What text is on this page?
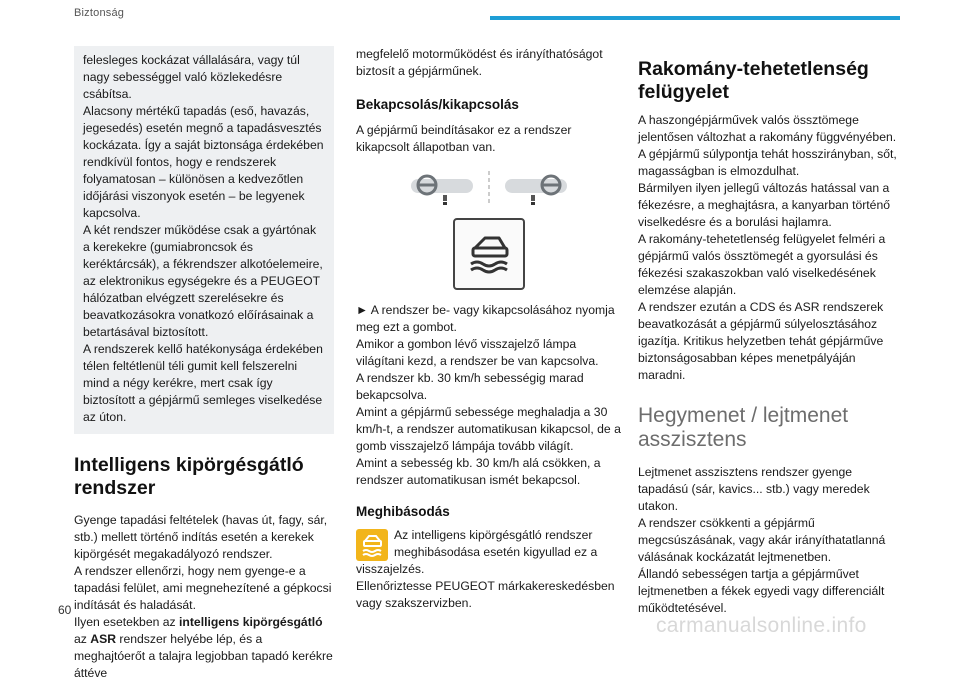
Biztonság

felesleges kockázat vállalására, vagy túl nagy sebességgel való közlekedésre csábítsa.

Alacsony mértékű tapadás (eső, havazás, jegesedés) esetén megnő a tapadásvesztés kockázata. Így a saját biztonsága érdekében rendkívül fontos, hogy e rendszerek folyamatosan – különösen a kedvezőtlen időjárási viszonyok esetén – be legyenek kapcsolva.

A két rendszer működése csak a gyártónak a kerekekre (gumiabroncsok és keréktárcsák), a fékrendszer alkotóelemeire, az elektronikus egységekre és a PEUGEOT hálózatban elvégzett szerelésekre és beavatkozásokra vonatkozó előírásainak a betartásával biztosított.

A rendszerek kellő hatékonysága érdekében télen feltétlenül téli gumit kell felszerelni mind a négy kerékre, mert csak így biztosított a gépjármű semleges viselkedése az úton.

Intelligens kipörgésgátló rendszer

Gyenge tapadási feltételek (havas út, fagy, sár, stb.) mellett történő indítás esetén a kerekek kipörgését megakadályozó rendszer.

A rendszer ellenőrzi, hogy nem gyenge-e a tapadási felület, ami megnehezítené a gépkocsi indítását és haladását.

Ilyen esetekben az intelligens kipörgésgátló az ASR rendszer helyébe lép, és a meghajtóerőt a talajra legjobban tapadó kerékre áttéve

megfelelő motorműködést és irányíthatóságot biztosít a gépjárműnek.

Bekapcsolás/kikapcsolás

A gépjármű beindításakor ez a rendszer kikapcsolt állapotban van.

► A rendszer be- vagy kikapcsolásához nyomja meg ezt a gombot.

Amikor a gombon lévő visszajelző lámpa világítani kezd, a rendszer be van kapcsolva.

A rendszer kb. 30 km/h sebességig marad bekapcsolva.

Amint a gépjármű sebessége meghaladja a 30 km/h-t, a rendszer automatikusan kikapcsol, de a gomb visszajelző lámpája tovább világít.

Amint a sebesség kb. 30 km/h alá csökken, a rendszer automatikusan ismét bekapcsol.

Meghibásodás

Az intelligens kipörgésgátló rendszer meghibásodása esetén kigyullad ez a visszajelzés.

Ellenőriztesse PEUGEOT márkakereskedésben vagy szakszervizben.

Rakomány-tehetetlenség felügyelet

A haszongépjárművek valós össztömege jelentősen változhat a rakomány függvényében.

A gépjármű súlypontja tehát hosszirányban, sőt, magasságban is elmozdulhat.

Bármilyen ilyen jellegű változás hatással van a fékezésre, a meghajtásra, a kanyarban történő viselkedésre és a borulási hajlamra.

A rakomány-tehetetlenség felügyelet felméri a gépjármű valós össztömegét a gyorsulási és fékezési szakaszokban való viselkedésének elemzése alapján.

A rendszer ezután a CDS és ASR rendszerek beavatkozását a gépjármű súlyelosztásához igazítja. Kritikus helyzetben tehát gépjárműve biztonságosabban képes menetpályáján maradni.

Hegymenet / lejtmenet asszisztens

Lejtmenet asszisztens rendszer gyenge tapadású (sár, kavics... stb.) vagy meredek utakon.

A rendszer csökkenti a gépjármű megcsúszásának, vagy akár irányíthatatlanná válásának kockázatát lejtmenetben.

Állandó sebességen tartja a gépjárművet lejtmenetben a fékek egyedi vagy differenciált működtetésével.

60
carmanualsonline.info
